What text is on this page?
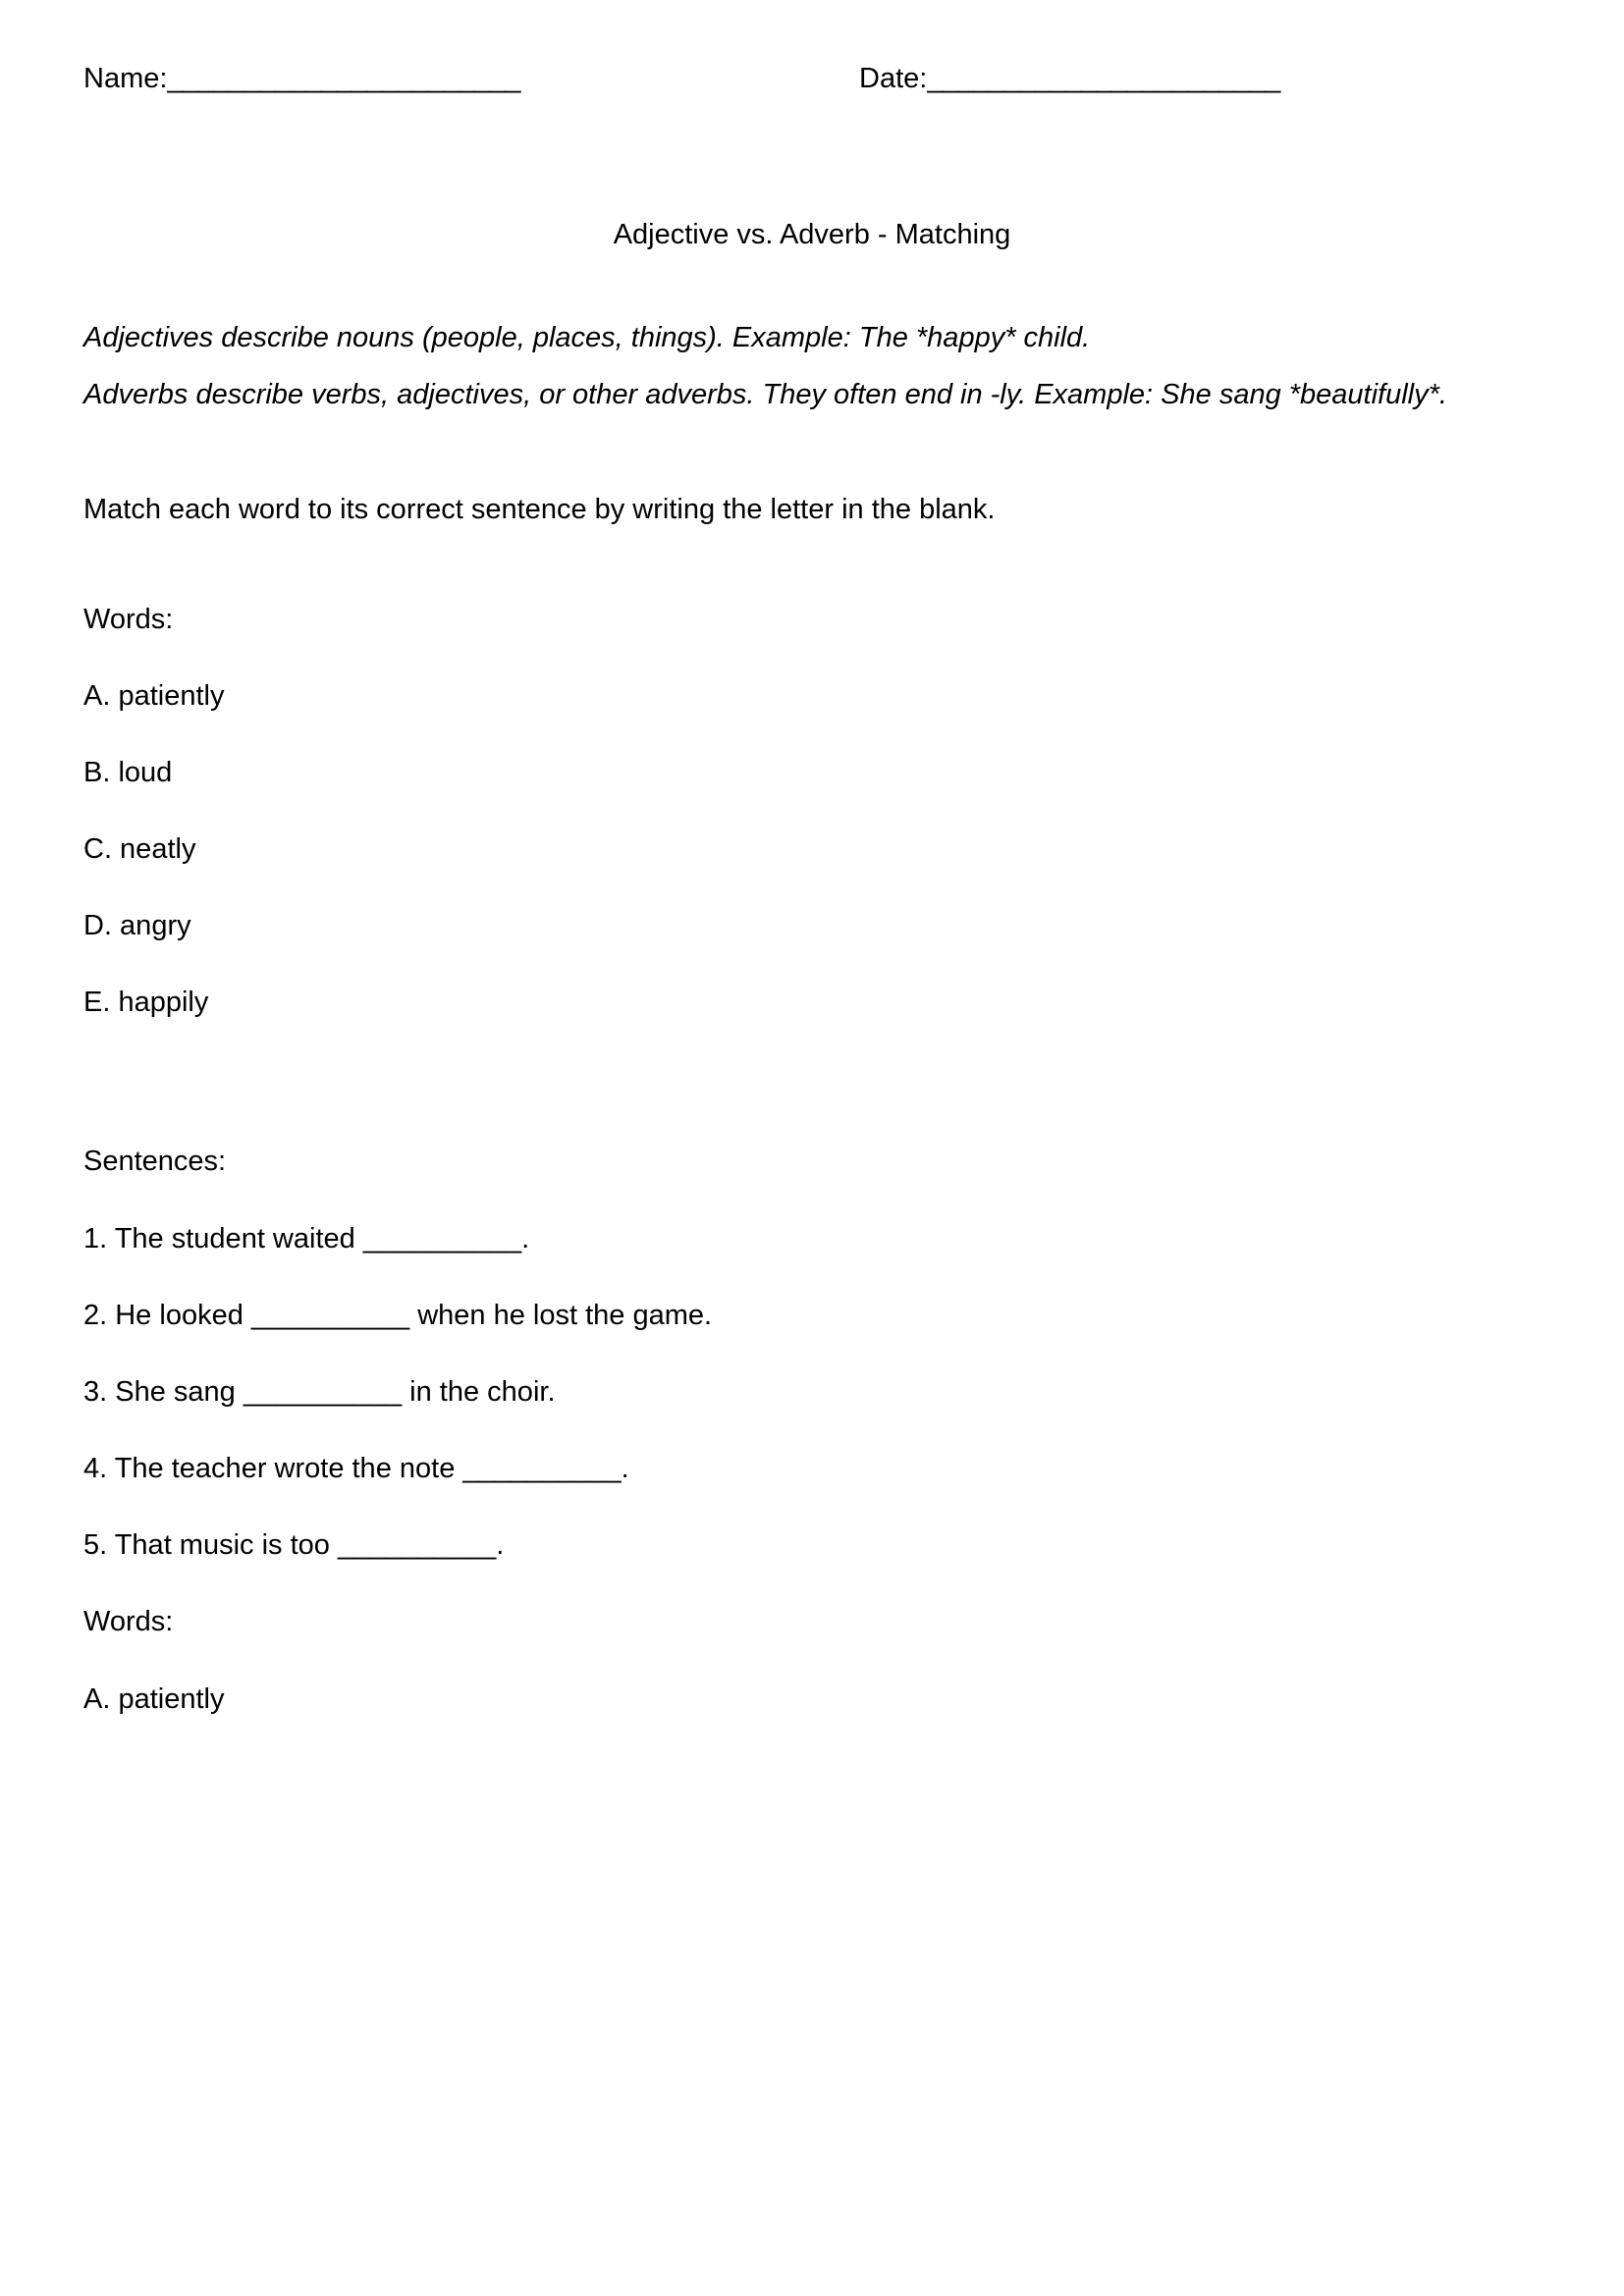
Name: _______________________	Date: _______________________
Adjective vs. Adverb - Matching
Adjectives describe nouns (people, places, things). Example: The *happy* child.
Adverbs describe verbs, adjectives, or other adverbs. They often end in -ly. Example: She sang *beautifully*.
Match each word to its correct sentence by writing the letter in the blank.
Words:
A. patiently
B. loud
C. neatly
D. angry
E. happily
Sentences:
1. The student waited __________.
2. He looked __________ when he lost the game.
3. She sang __________ in the choir.
4. The teacher wrote the note __________.
5. That music is too __________.
Words:
A. patiently
